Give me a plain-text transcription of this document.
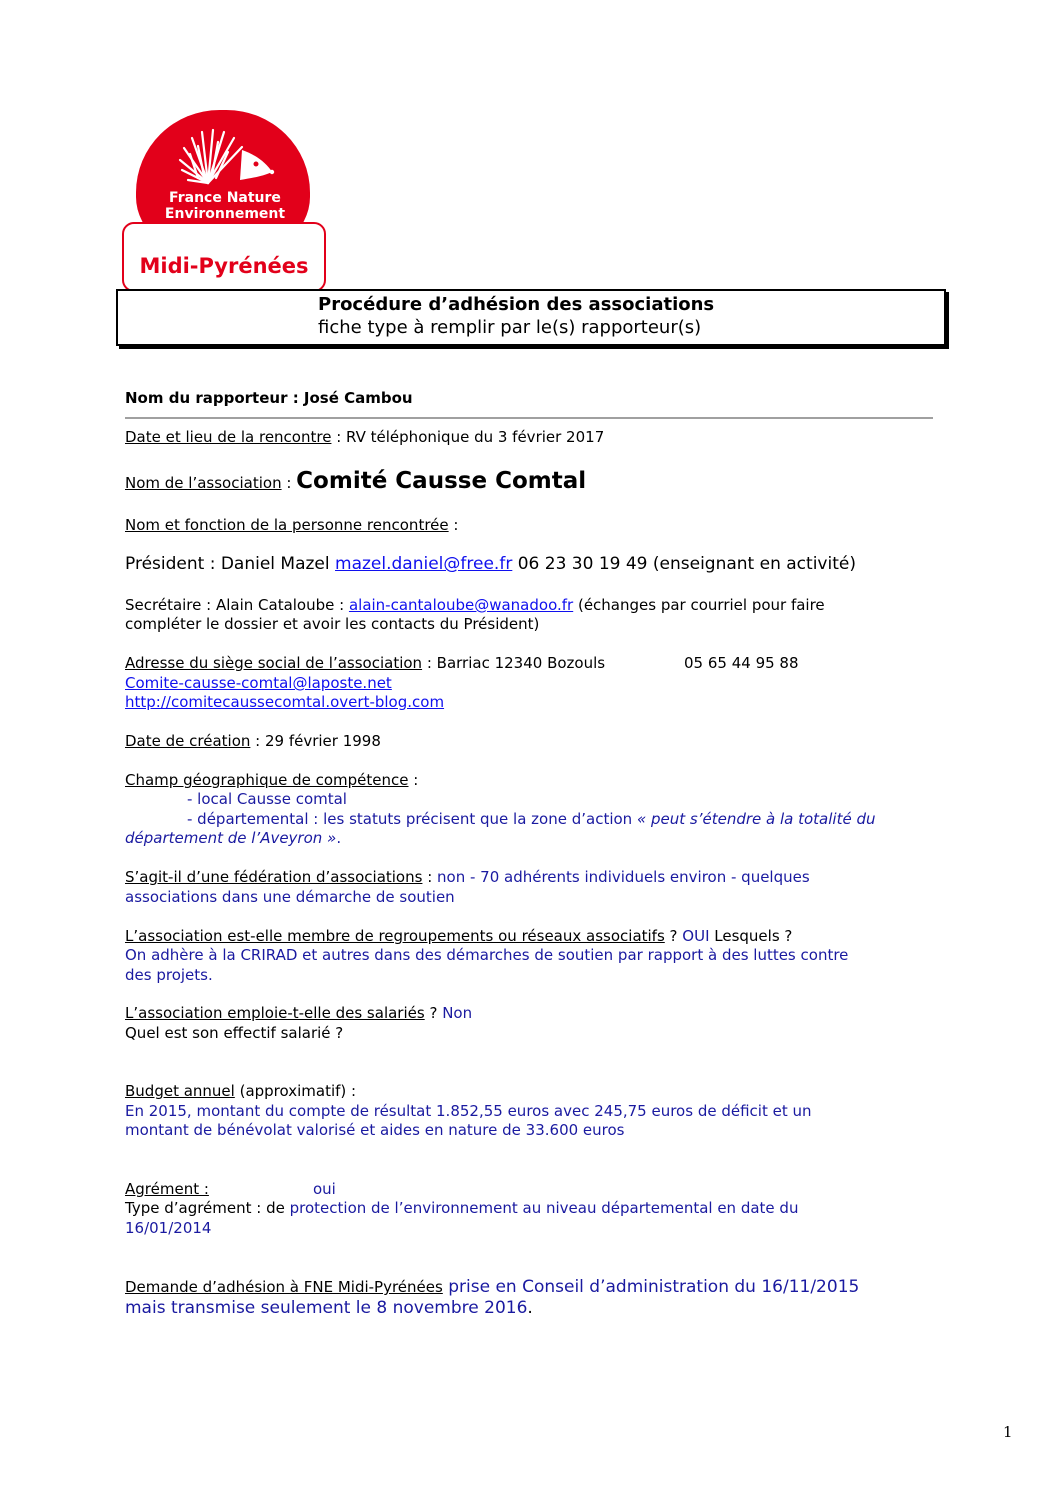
France Nature
Environnement
Midi-Pyrénées
Procédure d’adhésion des associations
fiche type à remplir par le(s) rapporteur(s)
Nom du rapporteur : José Cambou
Date et lieu de la rencontre : RV téléphonique du 3 février 2017
Nom de l’association : Comité Causse Comtal
Nom et fonction de la personne rencontrée :
Président : Daniel Mazel mazel.daniel@free.fr 06 23 30 19 49 (enseignant en activité)
Secrétaire : Alain Cataloube : alain-cantaloube@wanadoo.fr (échanges par courriel pour faire
compléter le dossier et avoir les contacts du Président)
Adresse du siège social de l’association : Barriac 12340 Bozouls	05 65 44 95 88
Comite-causse-comtal@laposte.net
http://comitecaussecomtal.overt-blog.com
Date de création : 29 février 1998
Champ géographique de compétence :
- local Causse comtal
- départemental : les statuts précisent que la zone d’action « peut s’étendre à la totalité du
département de l’Aveyron ».
S’agit-il d’une fédération d’associations : non - 70 adhérents individuels environ - quelques
associations dans une démarche de soutien
L’association est-elle membre de regroupements ou réseaux associatifs ? OUI Lesquels ?
On adhère à la CRIRAD et autres dans des démarches de soutien par rapport à des luttes contre
des projets.
L’association emploie-t-elle des salariés ? Non
Quel est son effectif salarié ?
Budget annuel (approximatif) :
En 2015, montant du compte de résultat 1.852,55 euros avec 245,75 euros de déficit et un
montant de bénévolat valorisé et aides en nature de 33.600 euros
Agrément :	oui
Type d’agrément : de protection de l’environnement au niveau départemental en date du
16/01/2014
Demande d’adhésion à FNE Midi-Pyrénées prise en Conseil d’administration du 16/11/2015
mais transmise seulement le 8 novembre 2016.
1
